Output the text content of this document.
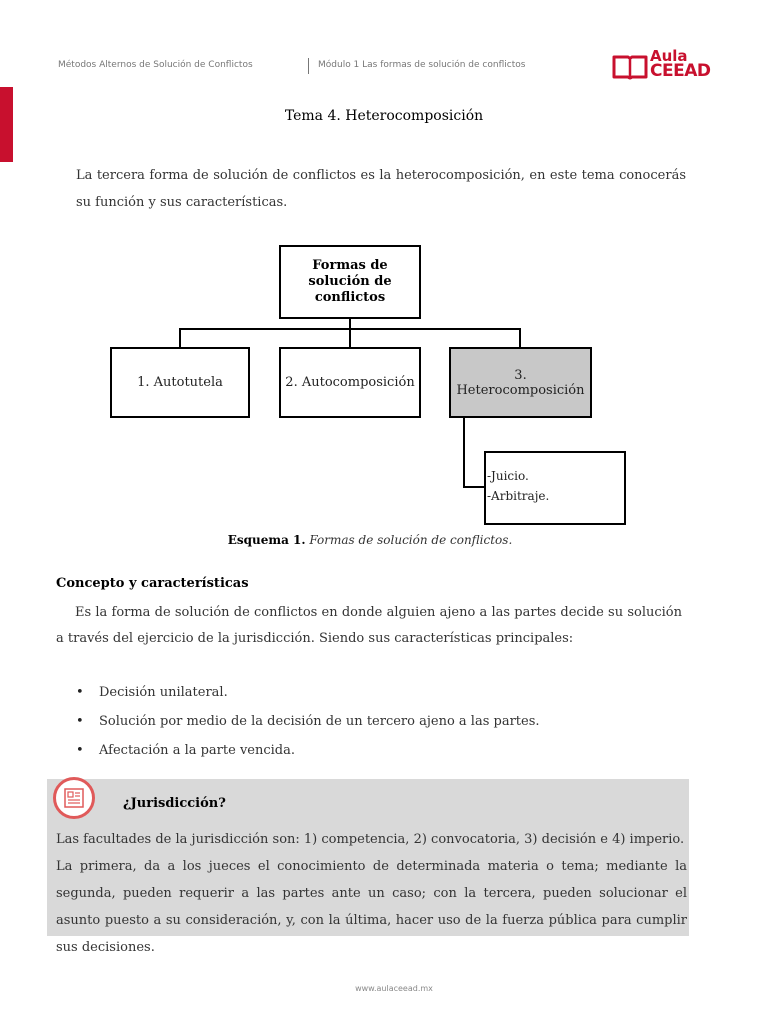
Métodos Alternos de Solución de Conflictos	Módulo 1 Las formas de solución de conflictos	Aula
CEEAD
Tema 4. Heterocomposición
La tercera forma de solución de conflictos es la heterocomposición, en este tema conocerás su función y sus características.
Formas de solución de conflictos
1. Autotutela	2. Autocomposición	3. Heterocomposición
-Juicio.
-Arbitraje.
Esquema 1. Formas de solución de conflictos.
Concepto y características
Es la forma de solución de conflictos en donde alguien ajeno a las partes decide su solución a través del ejercicio de la jurisdicción. Siendo sus características principales:
• Decisión unilateral.
• Solución por medio de la decisión de un tercero ajeno a las partes.
• Afectación a la parte vencida.
¿Jurisdicción?

Las facultades de la jurisdicción son: 1) competencia, 2) convocatoria, 3) decisión e 4) imperio.

La primera, da a los jueces el conocimiento de determinada materia o tema; mediante la segunda, pueden requerir a las partes ante un caso; con la tercera, pueden solucionar el asunto puesto a su consideración, y, con la última, hacer uso de la fuerza pública para cumplir sus decisiones.

www.aulaceead.mx
